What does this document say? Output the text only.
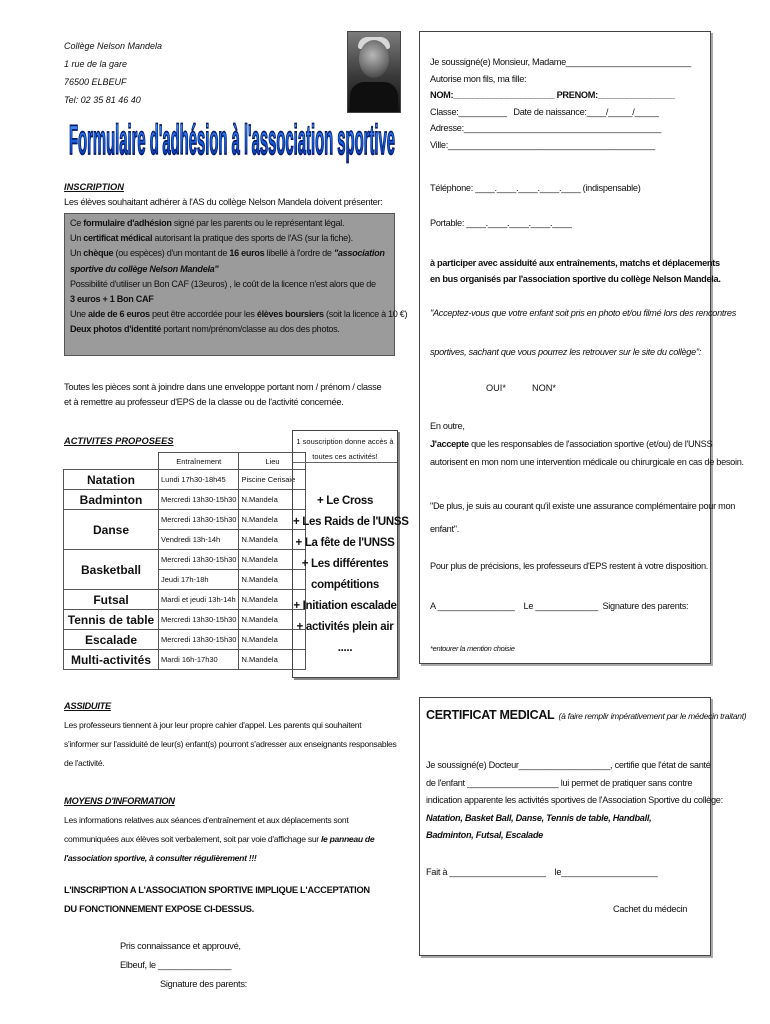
Collège Nelson Mandela
1 rue de la gare
76500 ELBEUF
Tel: 02 35 81 46 40
Formulaire d'adhésion à l'association sportive
INSCRIPTION
Les élèves souhaitant adhérer à l'AS du collège Nelson Mandela doivent présenter:
Ce formulaire d'adhésion signé par les parents ou le représentant légal.
Un certificat médical autorisant la pratique des sports de l'AS (sur la fiche).
Un chèque (ou espèces) d'un montant de 16 euros libellé à l'ordre de "association
sportive du collège Nelson Mandela"
Possibilité d'utiliser un Bon CAF (13euros) , le coût de la licence n'est alors que de
3 euros + 1 Bon CAF
Une aide de 6 euros peut être accordée pour les élèves boursiers (soit la licence à 10 €)
Deux photos d'identité portant nom/prénom/classe au dos des photos.
Toutes les pièces sont à joindre dans une enveloppe portant nom / prénom / classe
et à remettre au professeur d'EPS de la classe ou de l'activité concernée.
ACTIVITES PROPOSEES
	Entraînement	Lieu
Natation	Lundi 17h30-18h45	Piscine Cerisaie
Badminton	Mercredi 13h30-15h30	N.Mandela
Danse	Mercredi 13h30-15h30	N.Mandela
	Vendredi 13h-14h	N.Mandela
Basketball	Mercredi 13h30-15h30	N.Mandela
	Jeudi 17h-18h	N.Mandela
Futsal	Mardi et jeudi 13h-14h	N.Mandela
Tennis de table	Mercredi 13h30-15h30	N.Mandela
Escalade	Mercredi 13h30-15h30	N.Mandela
Multi-activités	Mardi 16h-17h30	N.Mandela
1 souscription donne accès à
toutes ces activités!
+ Le Cross
+ Les Raids de l'UNSS
+ La fête de l'UNSS
+ Les différentes
compétitions
+ Initiation escalade
+ activités plein air
.....
ASSIDUITE
Les professeurs tiennent à jour leur propre cahier d'appel. Les parents qui souhaitent
s'informer sur l'assiduité de leur(s) enfant(s) pourront s'adresser aux enseignants responsables
de l'activité.
MOYENS D'INFORMATION
Les informations relatives aux séances d'entraînement et aux déplacements sont
communiquées aux élèves soit verbalement, soit par voie d'affichage sur le panneau de
l'association sportive, à consulter régulièrement !!!
L'INSCRIPTION A L'ASSOCIATION SPORTIVE IMPLIQUE L'ACCEPTATION
DU FONCTIONNEMENT EXPOSE CI-DESSUS.
Pris connaissance et approuvé,
Elbeuf, le _______________
Signature des parents:
Je soussigné(e) Monsieur, Madame__________________________
Autorise mon fils, ma fille:
NOM:_____________________ PRENOM:________________
Classe:__________ Date de naissance:____/_____/_____
Adresse:_________________________________________
Ville:___________________________________________
Téléphone: ____.____.____.____.____ (indispensable)
Portable: ____.____.____.____.____
à participer avec assiduité aux entraînements, matchs et déplacements
en bus organisés par l'association sportive du collège Nelson Mandela.
"Acceptez-vous que votre enfant soit pris en photo et/ou filmé lors des rencontres
sportives, sachant que vous pourrez les retrouver sur le site du collège":
OUI*	NON*
En outre,
J'accepte que les responsables de l'association sportive (et/ou) de l'UNSS
autorisent en mon nom une intervention médicale ou chirurgicale en cas de besoin.
"De plus, je suis au courant qu'il existe une assurance complémentaire pour mon
enfant".
Pour plus de précisions, les professeurs d'EPS restent à votre disposition.
A ________________ Le _____________ Signature des parents:
*entourer la mention choisie
CERTIFICAT MEDICAL (à faire remplir impérativement par le médecin traitant)
Je soussigné(e) Docteur___________________, certifie que l'état de santé
de l'enfant ___________________ lui permet de pratiquer sans contre
indication apparente les activités sportives de l'Association Sportive du collège:
Natation, Basket Ball, Danse, Tennis de table, Handball,
Badminton, Futsal, Escalade
Fait à ____________________ le____________________
Cachet du médecin
